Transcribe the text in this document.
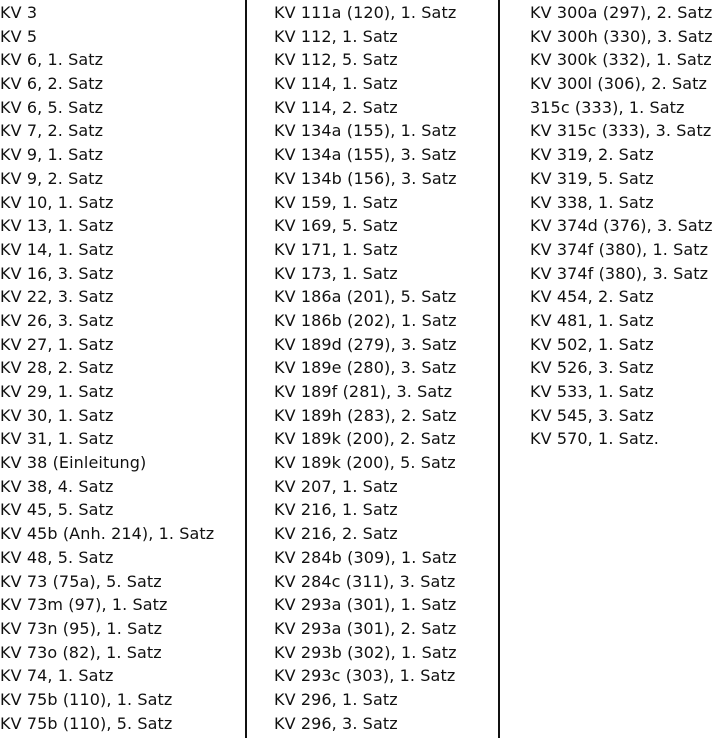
KV 3
KV 5
KV 6, 1. Satz
KV 6, 2. Satz
KV 6, 5. Satz
KV 7, 2. Satz
KV 9, 1. Satz
KV 9, 2. Satz
KV 10, 1. Satz
KV 13, 1. Satz
KV 14, 1. Satz
KV 16, 3. Satz
KV 22, 3. Satz
KV 26, 3. Satz
KV 27, 1. Satz
KV 28, 2. Satz
KV 29, 1. Satz
KV 30, 1. Satz
KV 31, 1. Satz
KV 38 (Einleitung)
KV 38, 4. Satz
KV 45, 5. Satz
KV 45b (Anh. 214), 1. Satz
KV 48, 5. Satz
KV 73 (75a), 5. Satz
KV 73m (97), 1. Satz
KV 73n (95), 1. Satz
KV 73o (82), 1. Satz
KV 74, 1. Satz
KV 75b (110), 1. Satz
KV 75b (110), 5. Satz
KV 111a (120), 1. Satz
KV 112, 1. Satz
KV 112, 5. Satz
KV 114, 1. Satz
KV 114, 2. Satz
KV 134a (155), 1. Satz
KV 134a (155), 3. Satz
KV 134b (156), 3. Satz
KV 159, 1. Satz
KV 169, 5. Satz
KV 171, 1. Satz
KV 173, 1. Satz
KV 186a (201), 5. Satz
KV 186b (202), 1. Satz
KV 189d (279), 3. Satz
KV 189e (280), 3. Satz
KV 189f (281), 3. Satz
KV 189h (283), 2. Satz
KV 189k (200), 2. Satz
KV 189k (200), 5. Satz
KV 207, 1. Satz
KV 216, 1. Satz
KV 216, 2. Satz
KV 284b (309), 1. Satz
KV 284c (311), 3. Satz
KV 293a (301), 1. Satz
KV 293a (301), 2. Satz
KV 293b (302), 1. Satz
KV 293c (303), 1. Satz
KV 296, 1. Satz
KV 296, 3. Satz
KV 300a (297), 2. Satz
KV 300h (330), 3. Satz
KV 300k (332), 1. Satz
KV 300l (306), 2. Satz
315c (333), 1. Satz
KV 315c (333), 3. Satz
KV 319, 2. Satz
KV 319, 5. Satz
KV 338, 1. Satz
KV 374d (376), 3. Satz
KV 374f (380), 1. Satz
KV 374f (380), 3. Satz
KV 454, 2. Satz
KV 481, 1. Satz
KV 502, 1. Satz
KV 526, 3. Satz
KV 533, 1. Satz
KV 545, 3. Satz
KV 570, 1. Satz.
